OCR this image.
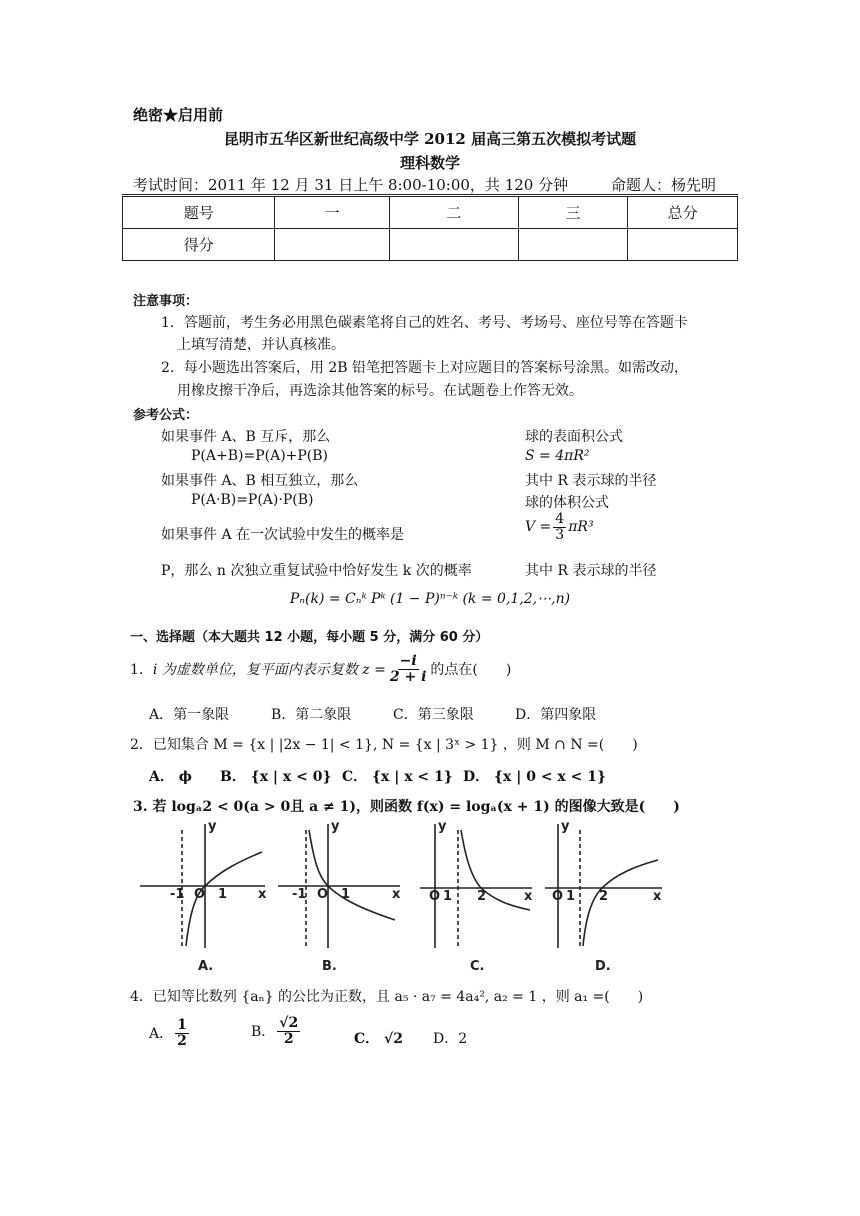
绝密★启用前
昆明市五华区新世纪高级中学 2012 届高三第五次模拟考试题
理科数学
考试时间：2011 年 12 月 31 日上午 8:00-10:00，共 120 分钟	命题人：杨先明
题号	一	二	三	总分
得分				
注意事项：
1．答题前，考生务必用黑色碳素笔将自己的姓名、考号、考场号、座位号等在答题卡
上填写清楚，并认真核准。
2．每小题选出答案后，用 2B 铅笔把答题卡上对应题目的答案标号涂黑。如需改动，
用橡皮擦干净后，再选涂其他答案的标号。在试题卷上作答无效。
参考公式：
如果事件 A、B 互斥，那么
P(A+B)=P(A)+P(B)
如果事件 A、B 相互独立，那么
P(A·B)=P(A)·P(B)
如果事件 A 在一次试验中发生的概率是
P，那么 n 次独立重复试验中恰好发生 k 次的概率
球的表面积公式
S = 4πR²
其中 R 表示球的半径
球的体积公式
$V = \frac{4}{3} \pi R^3$
其中 R 表示球的半径
Pₙ(k) = Cₙᵏ Pᵏ (1 − P)ⁿ⁻ᵏ (k = 0,1,2,⋯,n)
一、选择题（本大题共 12 小题，每小题 5 分，满分 60 分）
1． i 为虚数单位，复平面内表示复数 $z = \frac{-i}{2 + i}$ 的点在(　　)
A．第一象限	B．第二象限	C．第三象限	D．第四象限
2．已知集合 M = {x | |2x − 1| < 1}, N = {x | 3ˣ > 1} ，则 M ∩ N =(　　)
A． ϕ B． {x | x < 0} C． {x | x < 1} D． {x | 0 < x < 1}
3. 若 logₐ2 < 0(a > 0且 a ≠ 1)，则函数 f(x) = logₐ(x + 1) 的图像大致是(　　)
y
x
O
-1	1
y
x
O
-1	1
y
x
O 1 2
y
x
O 1 2
A.	B.	C.	D.
4．已知等比数列 {aₙ} 的公比为正数，且 a₅ · a₇ = 4a₄², a₂ = 1 ，则 a₁ =(　　)
A． $\frac{1}{2}$	B． $\frac{√2}{2}$	C． √2 D．2
